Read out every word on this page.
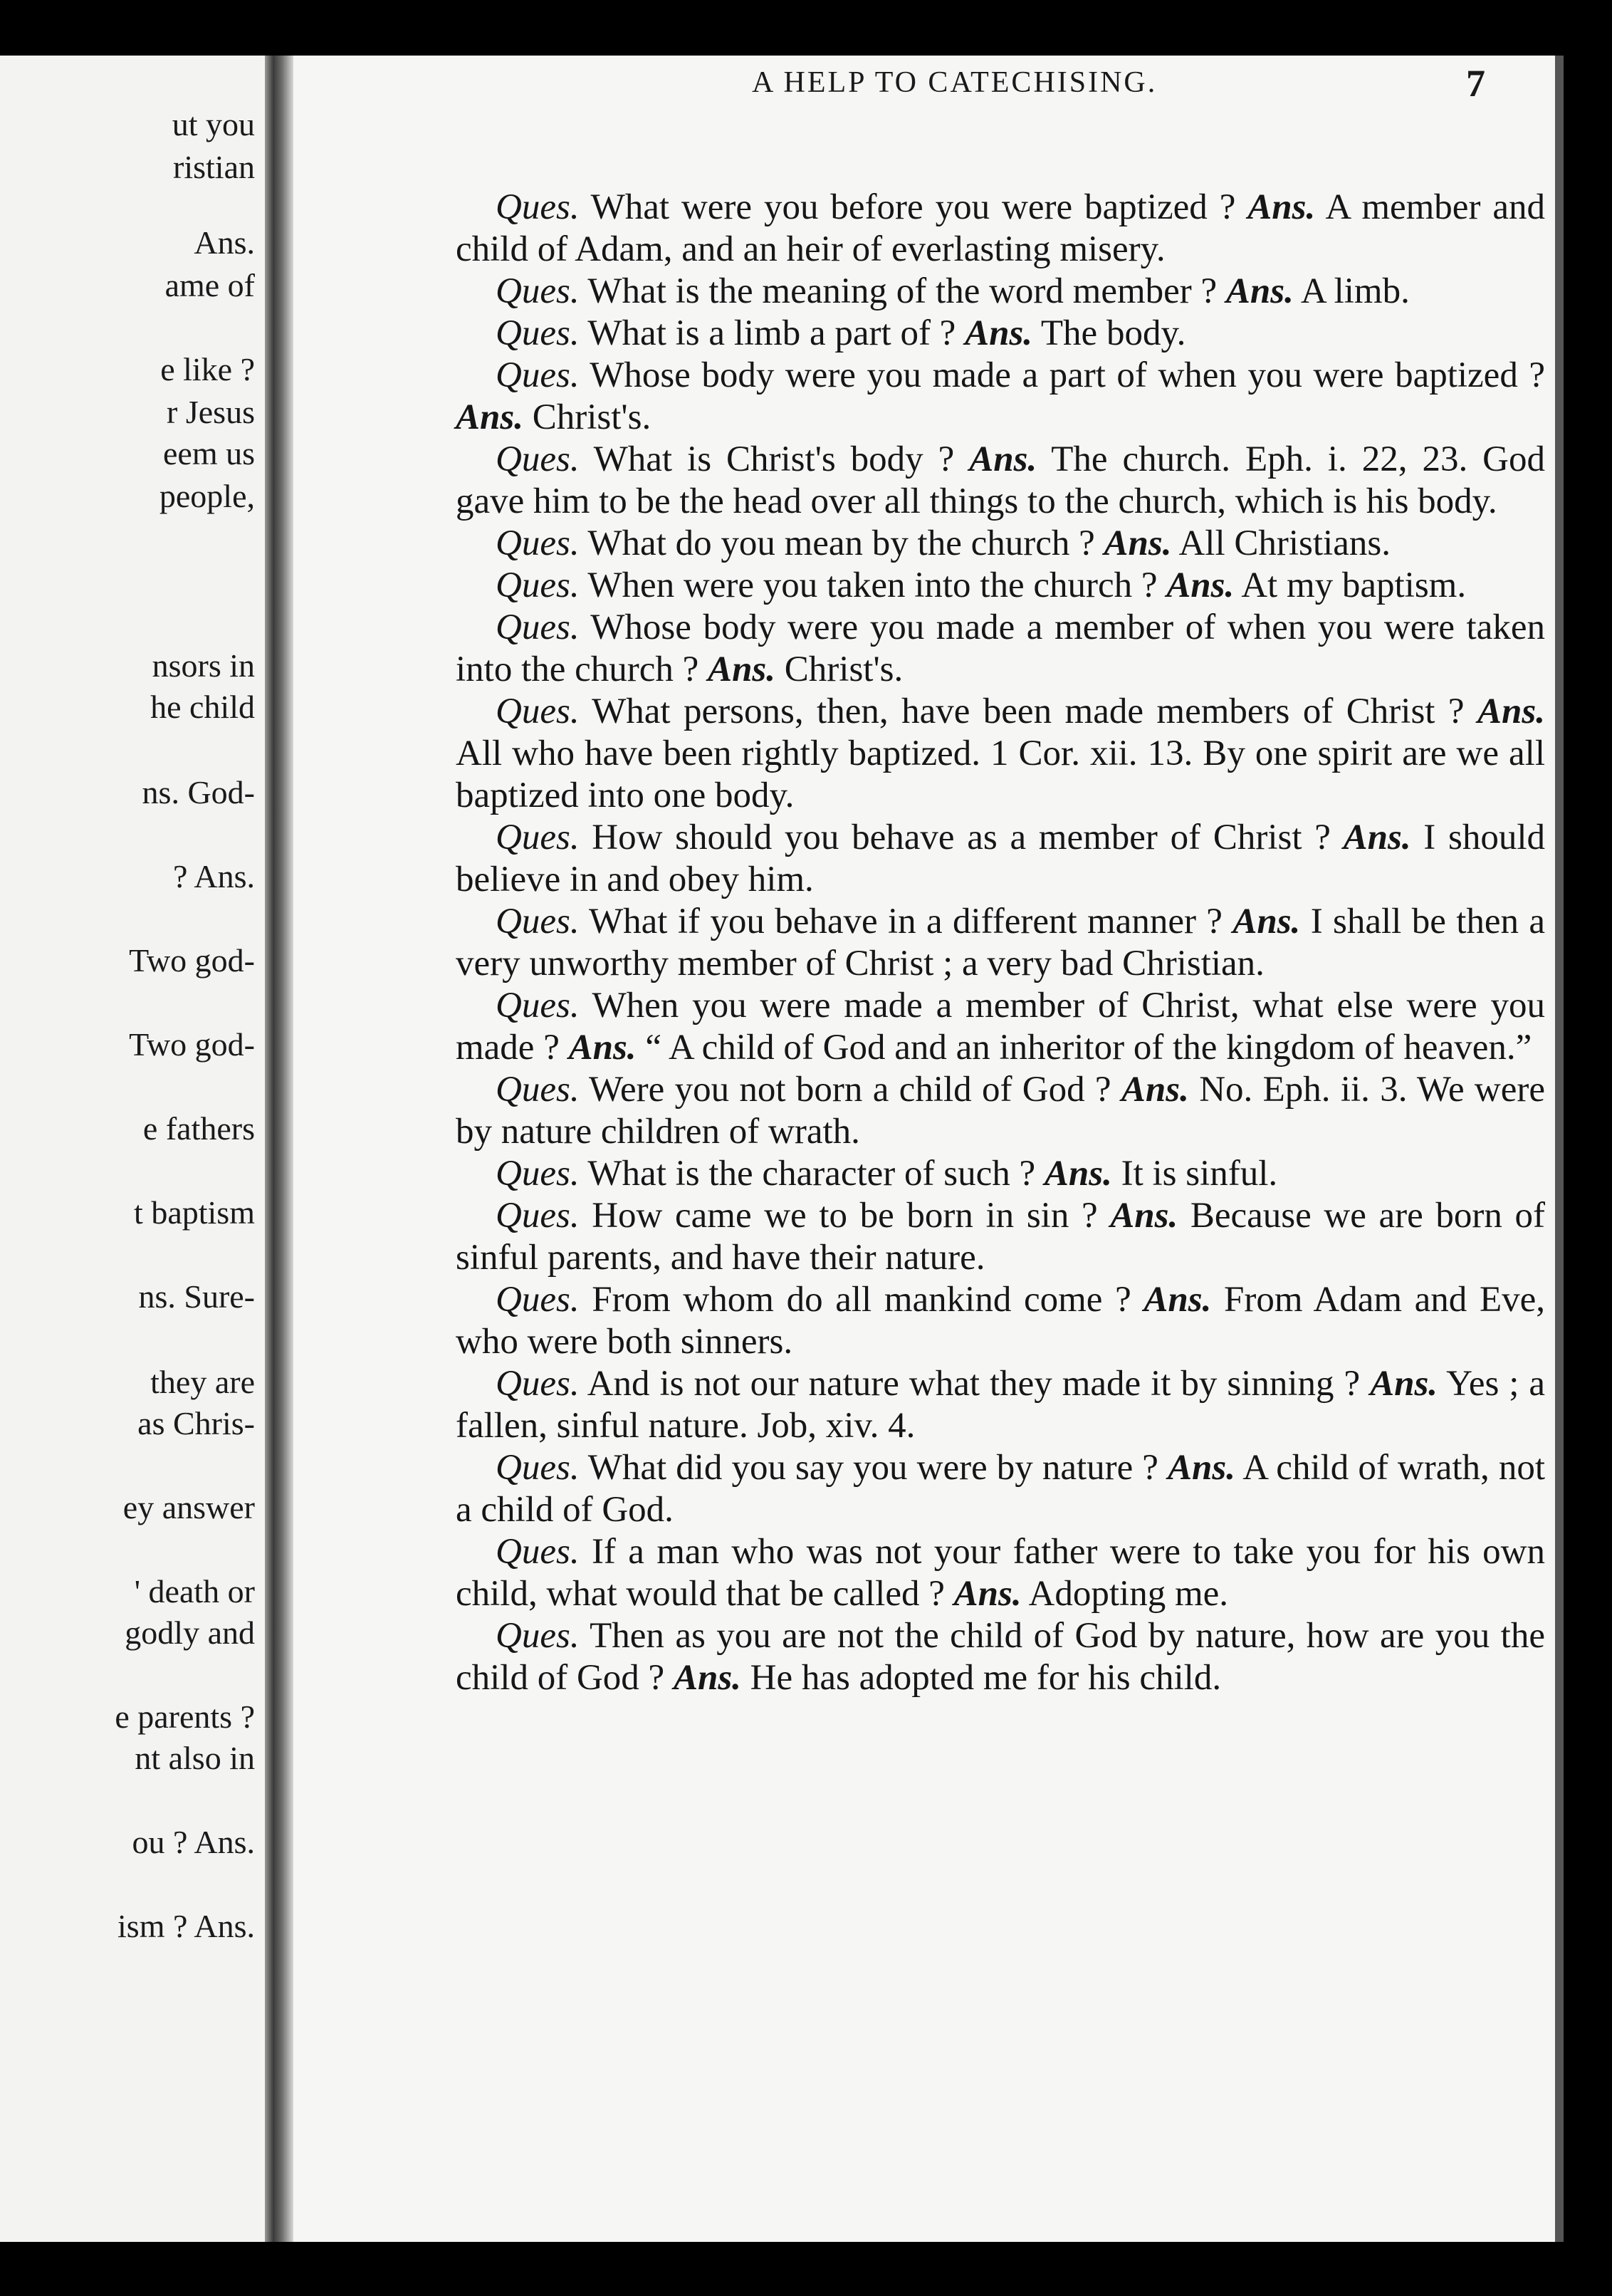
ut you
ristian
Ans.
ame of
e like ?
r Jesus
eem us
people,
nsors in
he child
ns. God-
? Ans.
Two god-
Two god-
e fathers
t baptism
ns. Sure-
they are
as Chris-
ey answer
' death or
godly and
e parents ?
nt also in
ou ? Ans.
ism ? Ans.
A HELP TO CATECHISING.	7

Ques. What were you before you were baptized ? Ans. A member and child of Adam, and an heir of everlasting misery.

Ques. What is the meaning of the word member ? Ans. A limb.

Ques. What is a limb a part of ? Ans. The body.

Ques. Whose body were you made a part of when you were baptized ? Ans. Christ's.

Ques. What is Christ's body ? Ans. The church. Eph. i. 22, 23. God gave him to be the head over all things to the church, which is his body.

Ques. What do you mean by the church ? Ans. All Christians.

Ques. When were you taken into the church ? Ans. At my baptism.

Ques. Whose body were you made a member of when you were taken into the church ? Ans. Christ's.

Ques. What persons, then, have been made members of Christ ? Ans. All who have been rightly baptized. 1 Cor. xii. 13. By one spirit are we all baptized into one body.

Ques. How should you behave as a member of Christ ? Ans. I should believe in and obey him.

Ques. What if you behave in a different manner ? Ans. I shall be then a very unworthy member of Christ ; a very bad Christian.

Ques. When you were made a member of Christ, what else were you made ? Ans. “ A child of God and an inheritor of the kingdom of heaven.”

Ques. Were you not born a child of God ? Ans. No. Eph. ii. 3. We were by nature children of wrath.

Ques. What is the character of such ? Ans. It is sinful.

Ques. How came we to be born in sin ? Ans. Because we are born of sinful parents, and have their nature.

Ques. From whom do all mankind come ? Ans. From Adam and Eve, who were both sinners.

Ques. And is not our nature what they made it by sinning ? Ans. Yes ; a fallen, sinful nature. Job, xiv. 4.

Ques. What did you say you were by nature ? Ans. A child of wrath, not a child of God.

Ques. If a man who was not your father were to take you for his own child, what would that be called ? Ans. Adopting me.

Ques. Then as you are not the child of God by nature, how are you the child of God ? Ans. He has adopted me for his child.
